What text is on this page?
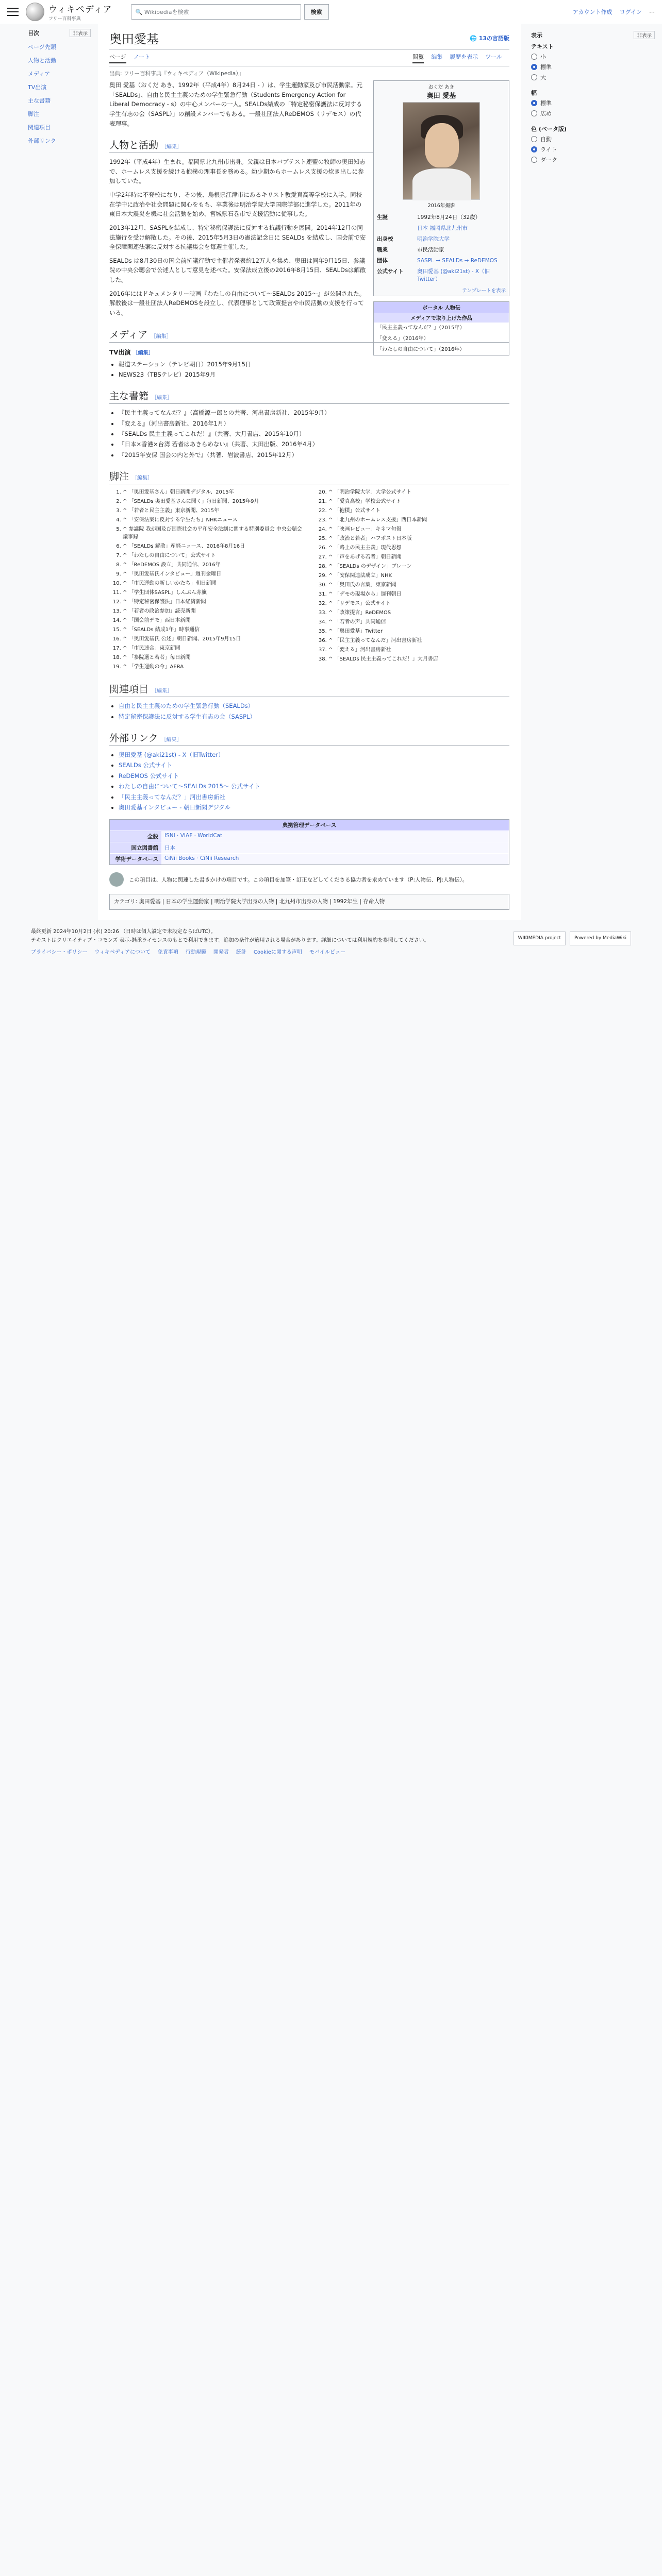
ウィキペディア
フリー百科事典
🔍 Wikipediaを検索	検索	アカウント作成 ログイン ⋯
目次	非表示
ページ先頭
人物と活動
メディア
TV出演
主な書籍
脚注
関連項目
外部リンク
奥田愛基	🌐 13の言語版
ページ ノート	閲覧 編集 履歴を表示 ツール
出典: フリー百科事典『ウィキペディア（Wikipedia）』
おくだ あき
奥田 愛基
2016年撮影
生誕	1992年8月24日（32歳）
	日本 福岡県北九州市
出身校	明治学院大学
職業	市民活動家
団体	SASPL → SEALDs → ReDEMOS
公式サイト	奥田愛基 (@aki21st) - X（旧Twitter）
テンプレートを表示

奥田 愛基（おくだ あき、1992年（平成4年）8月24日 - ）は、学生運動家及び市民活動家。元「SEALDs」、自由と民主主義のための学生緊急行動（Students Emergency Action for Liberal Democracy - s）の中心メンバーの一人。SEALDs結成の「特定秘密保護法に反対する学生有志の会（SASPL）」の創設メンバーでもある。一般社団法人ReDEMOS（リデモス）の代表理事。

人物と活動 ［編集］
ポータル 人物伝
メディアで取り上げた作品
「民主主義ってなんだ？」（2015年）
「変える」（2016年）
「わたしの自由について」（2016年）

1992年（平成4年）生まれ。福岡県北九州市出身。父親は日本バプテスト連盟の牧師の奥田知志で、ホームレス支援を続ける抱樸の理事長を務める。幼少期からホームレス支援の炊き出しに参加していた。

中学2年時に不登校になり、その後、島根県江津市にあるキリスト教愛真高等学校に入学。同校在学中に政治や社会問題に関心をもち、卒業後は明治学院大学国際学部に進学した。2011年の東日本大震災を機に社会活動を始め、宮城県石巻市で支援活動に従事した。

2013年12月、SASPLを結成し、特定秘密保護法に反対する抗議行動を展開。2014年12月の同法施行を受け解散した。その後、2015年5月3日の憲法記念日に SEALDs を結成し、国会前で安全保障関連法案に反対する抗議集会を毎週主催した。

SEALDs は8月30日の国会前抗議行動で主催者発表約12万人を集め、奥田は同年9月15日、参議院の中央公聴会で公述人として意見を述べた。安保法成立後の2016年8月15日、SEALDsは解散した。

2016年にはドキュメンタリー映画『わたしの自由について〜SEALDs 2015〜』が公開された。解散後は一般社団法人ReDEMOSを設立し、代表理事として政策提言や市民活動の支援を行っている。

メディア ［編集］
TV出演 ［編集］
• 報道ステーション（テレビ朝日）2015年9月15日
• NEWS23（TBSテレビ）2015年9月
主な書籍 ［編集］
• 『民主主義ってなんだ？』（高橋源一郎との共著、河出書房新社、2015年9月）
• 『変える』（河出書房新社、2016年1月）
• 『SEALDs 民主主義ってこれだ！』（共著、大月書店、2015年10月）
• 『日本×香港×台湾 若者はあきらめない』（共著、太田出版、2016年4月）
• 『2015年安保 国会の内と外で』（共著、岩波書店、2015年12月）
脚注 ［編集］
1. ^ 「奥田愛基さん」朝日新聞デジタル、2015年
2. ^ 「SEALDs 奥田愛基さんに聞く」毎日新聞、2015年9月
3. ^ 「若者と民主主義」東京新聞、2015年
4. ^ 「安保法案に反対する学生たち」NHKニュース
5. ^ 参議院 我が国及び国際社会の平和安全法制に関する特別委員会 中央公聴会 議事録
6. ^ 「SEALDs 解散」産経ニュース、2016年8月16日
7. ^ 「わたしの自由について」公式サイト
8. ^ 「ReDEMOS 設立」共同通信、2016年
9. ^ 「奥田愛基氏インタビュー」週刊金曜日
10. ^ 「市民運動の新しいかたち」朝日新聞
11. ^ 「学生団体SASPL」しんぶん赤旗
12. ^ 「特定秘密保護法」日本経済新聞
13. ^ 「若者の政治参加」読売新聞
14. ^ 「国会前デモ」西日本新聞
15. ^ 「SEALDs 結成1年」時事通信
16. ^ 「奥田愛基氏 公述」朝日新聞、2015年9月15日
17. ^ 「市民連合」東京新聞
18. ^ 「参院選と若者」毎日新聞
19. ^ 「学生運動の今」AERA
20. ^ 「明治学院大学」大学公式サイト
21. ^ 「愛真高校」学校公式サイト
22. ^ 「抱樸」公式サイト
23. ^ 「北九州のホームレス支援」西日本新聞
24. ^ 「映画レビュー」キネマ旬報
25. ^ 「政治と若者」ハフポスト日本版
26. ^ 「路上の民主主義」現代思想
27. ^ 「声をあげる若者」朝日新聞
28. ^ 「SEALDs のデザイン」ブレーン
29. ^ 「安保関連法成立」NHK
30. ^ 「奥田氏の言葉」東京新聞
31. ^ 「デモの現場から」週刊朝日
32. ^ 「リデモス」公式サイト
33. ^ 「政策提言」ReDEMOS
34. ^ 「若者の声」共同通信
35. ^ 「奥田愛基」Twitter
36. ^ 「民主主義ってなんだ」河出書房新社
37. ^ 「変える」河出書房新社
38. ^ 「SEALDs 民主主義ってこれだ！」大月書店
関連項目 ［編集］
• 自由と民主主義のための学生緊急行動（SEALDs）
• 特定秘密保護法に反対する学生有志の会（SASPL）
外部リンク ［編集］
• 奥田愛基 (@aki21st) - X（旧Twitter）
• SEALDs 公式サイト
• ReDEMOS 公式サイト
• わたしの自由について〜SEALDs 2015〜 公式サイト
• 「民主主義ってなんだ？」河出書房新社
• 奥田愛基インタビュー - 朝日新聞デジタル
典拠管理データベース
全般	ISNI · VIAF · WorldCat
国立図書館	日本
学術データベース	CiNii Books · CiNii Research
この項目は、人物に関連した書きかけの項目です。この項目を加筆・訂正などしてくださる協力者を求めています（P:人物伝、PJ:人物伝）。
カテゴリ: 奥田愛基 | 日本の学生運動家 | 明治学院大学出身の人物 | 北九州市出身の人物 | 1992年生 | 存命人物
表示	非表示
テキスト
小
標準
大
幅
標準
広め
色 (ベータ版)
自動
ライト
ダーク
最終更新 2024年10月2日 (水) 20:26 （日時は個人設定で未設定ならばUTC）。
テキストはクリエイティブ・コモンズ 表示-継承ライセンスのもとで利用できます。追加の条件が適用される場合があります。詳細については利用規約を参照してください。
プライバシー・ポリシー ウィキペディアについて 免責事項 行動規範 開発者 統計 Cookieに関する声明 モバイルビュー
WIKIMEDIA project	Powered by MediaWiki
